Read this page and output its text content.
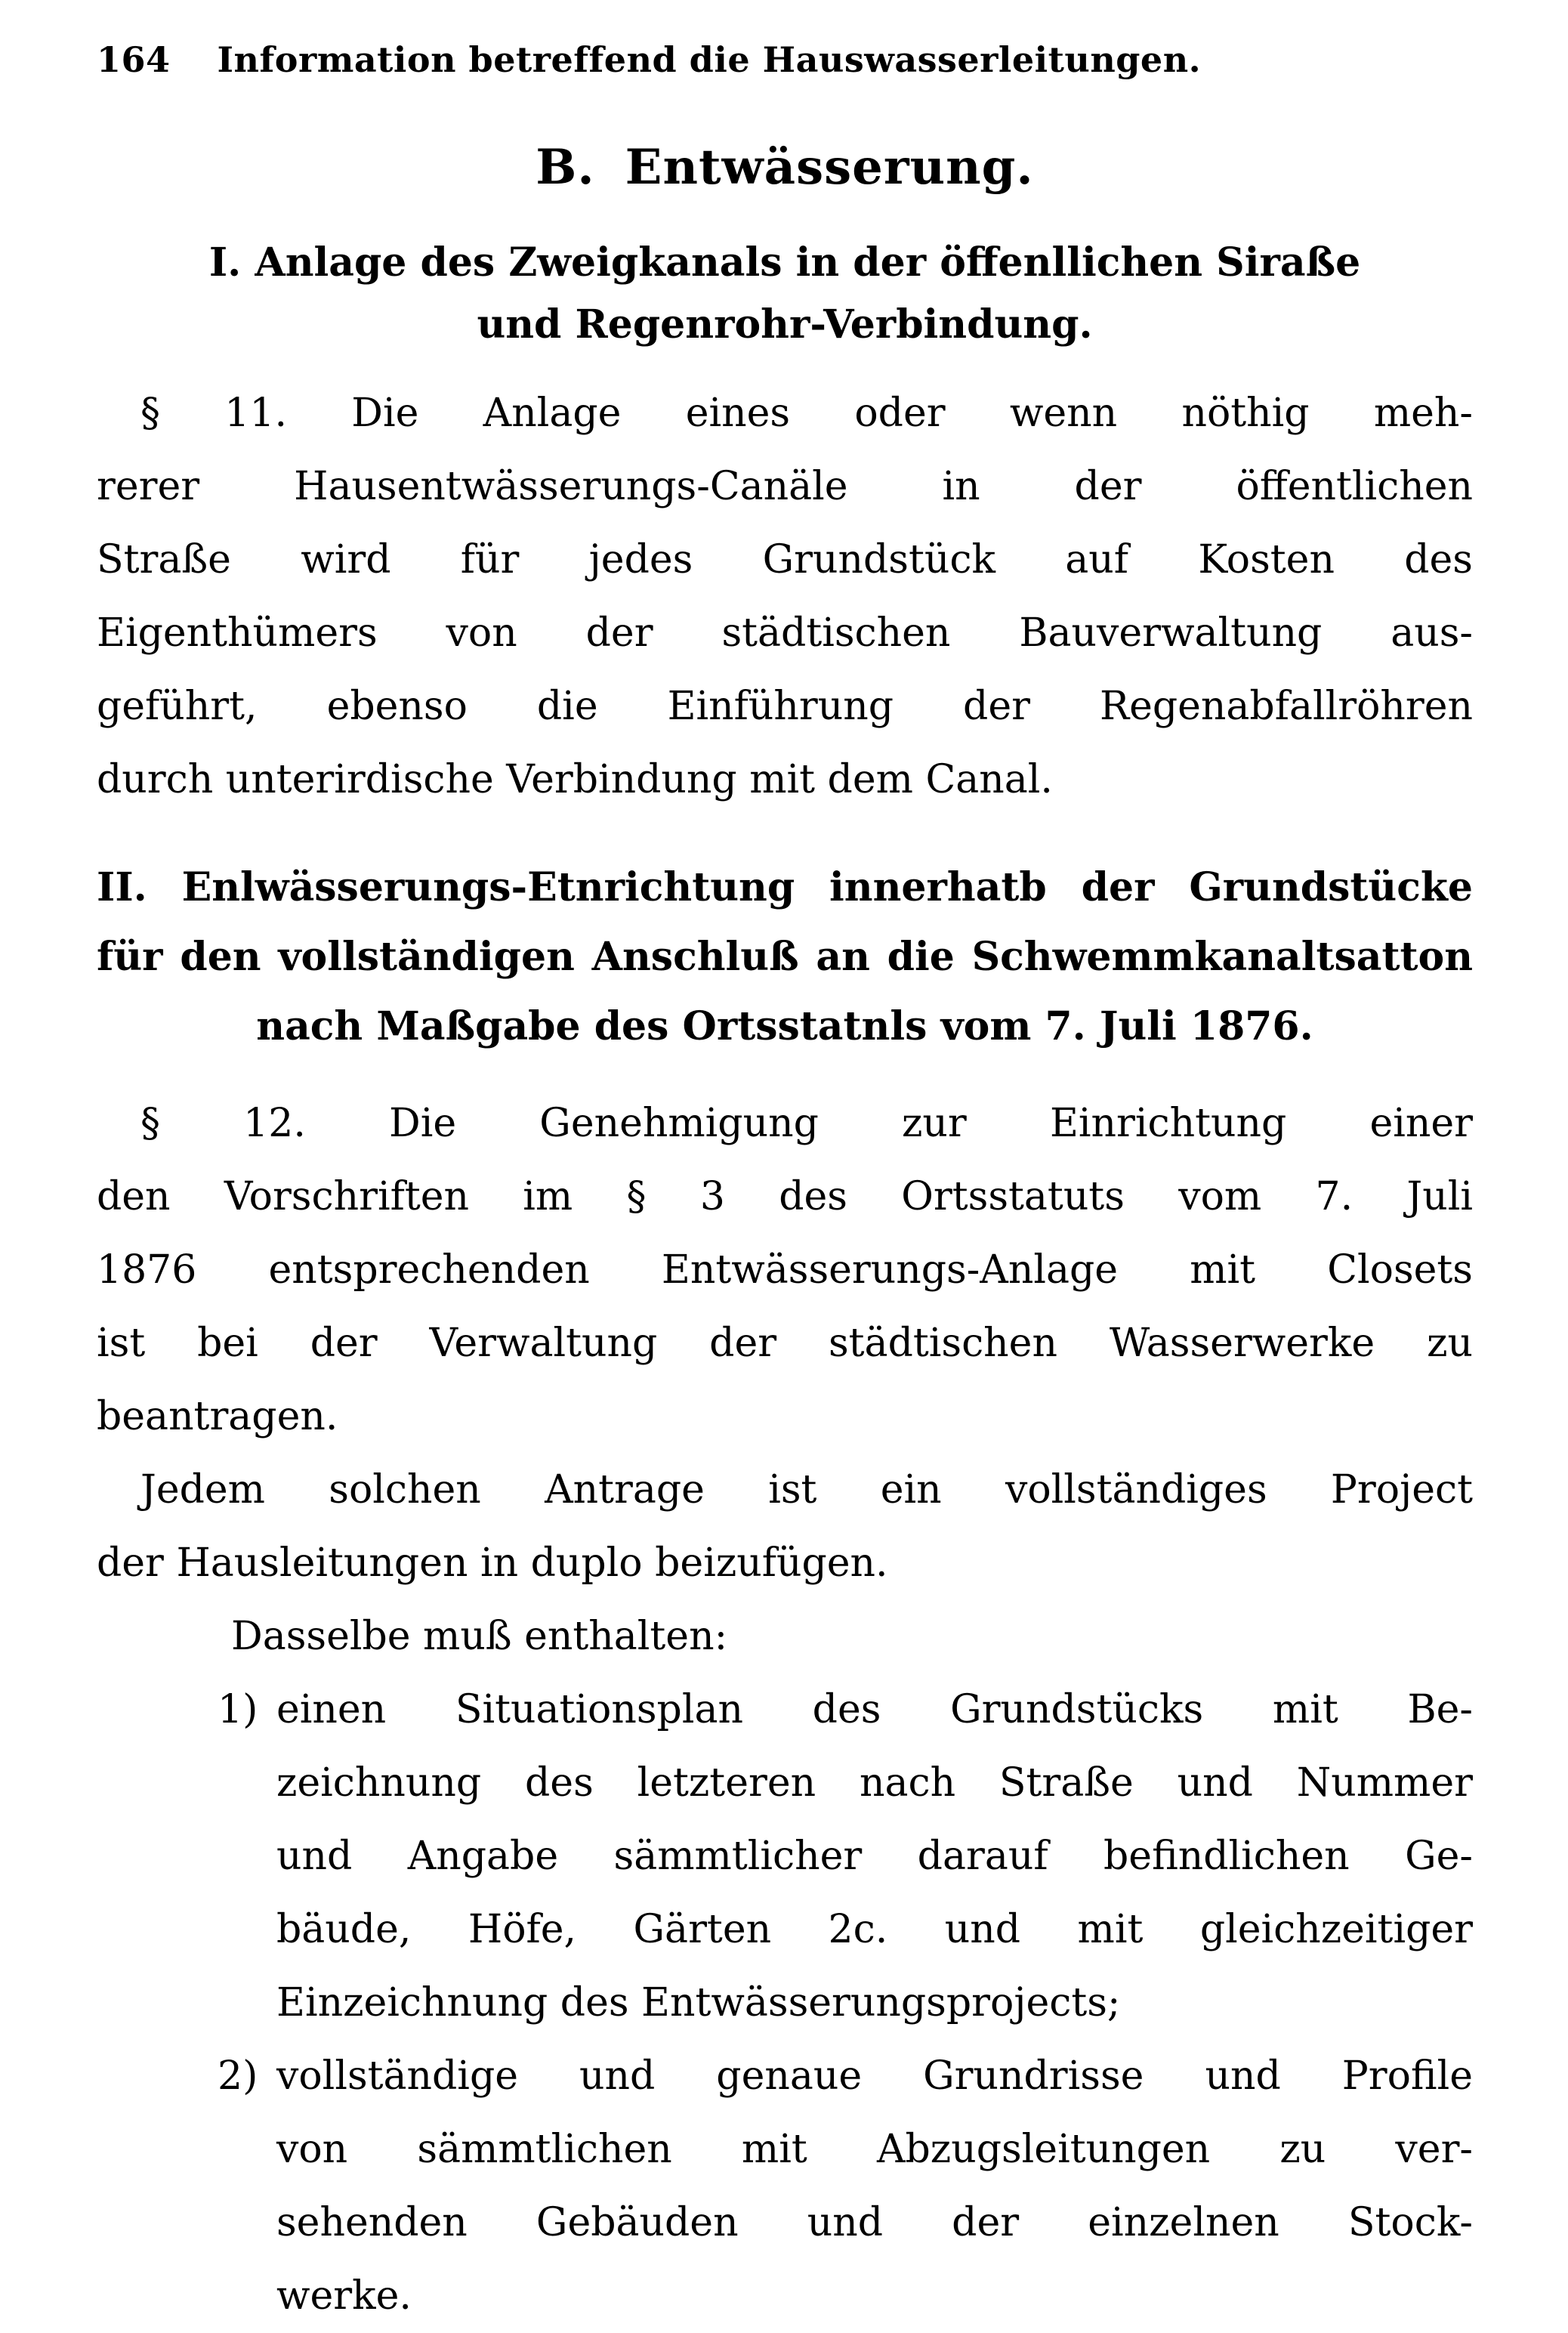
164 Information betreffend die Hauswasserleitungen.
B. Entwässerung.
I. Anlage des Zweigkanals in der öffenllichen Siraße
und Regenrohr-Verbindung.
§ 11. Die Anlage eines oder wenn nöthig meh-
rerer Hausentwässerungs-Canäle in der öffentlichen
Straße wird für jedes Grundstück auf Kosten des
Eigenthümers von der städtischen Bauverwaltung aus-
geführt, ebenso die Einführung der Regenabfallröhren
durch unterirdische Verbindung mit dem Canal.
II. Enlwässerungs-Etnrichtung innerhatb der Grundstücke
für den vollständigen Anschluß an die Schwemmkanaltsatton
nach Maßgabe des Ortsstatnls vom 7. Juli 1876.
§ 12. Die Genehmigung zur Einrichtung einer
den Vorschriften im § 3 des Ortsstatuts vom 7. Juli
1876 entsprechenden Entwässerungs-Anlage mit Closets
ist bei der Verwaltung der städtischen Wasserwerke zu
beantragen.
Jedem solchen Antrage ist ein vollständiges Project
der Hausleitungen in duplo beizufügen.
Dasselbe muß enthalten:
1) einen Situationsplan des Grundstücks mit Be-
zeichnung des letzteren nach Straße und Nummer
und Angabe sämmtlicher darauf befindlichen Ge-
bäude, Höfe, Gärten 2c. und mit gleichzeitiger
Einzeichnung des Entwässerungsprojects;
2) vollständige und genaue Grundrisse und Profile
von sämmtlichen mit Abzugsleitungen zu ver-
sehenden Gebäuden und der einzelnen Stock-
werke.
